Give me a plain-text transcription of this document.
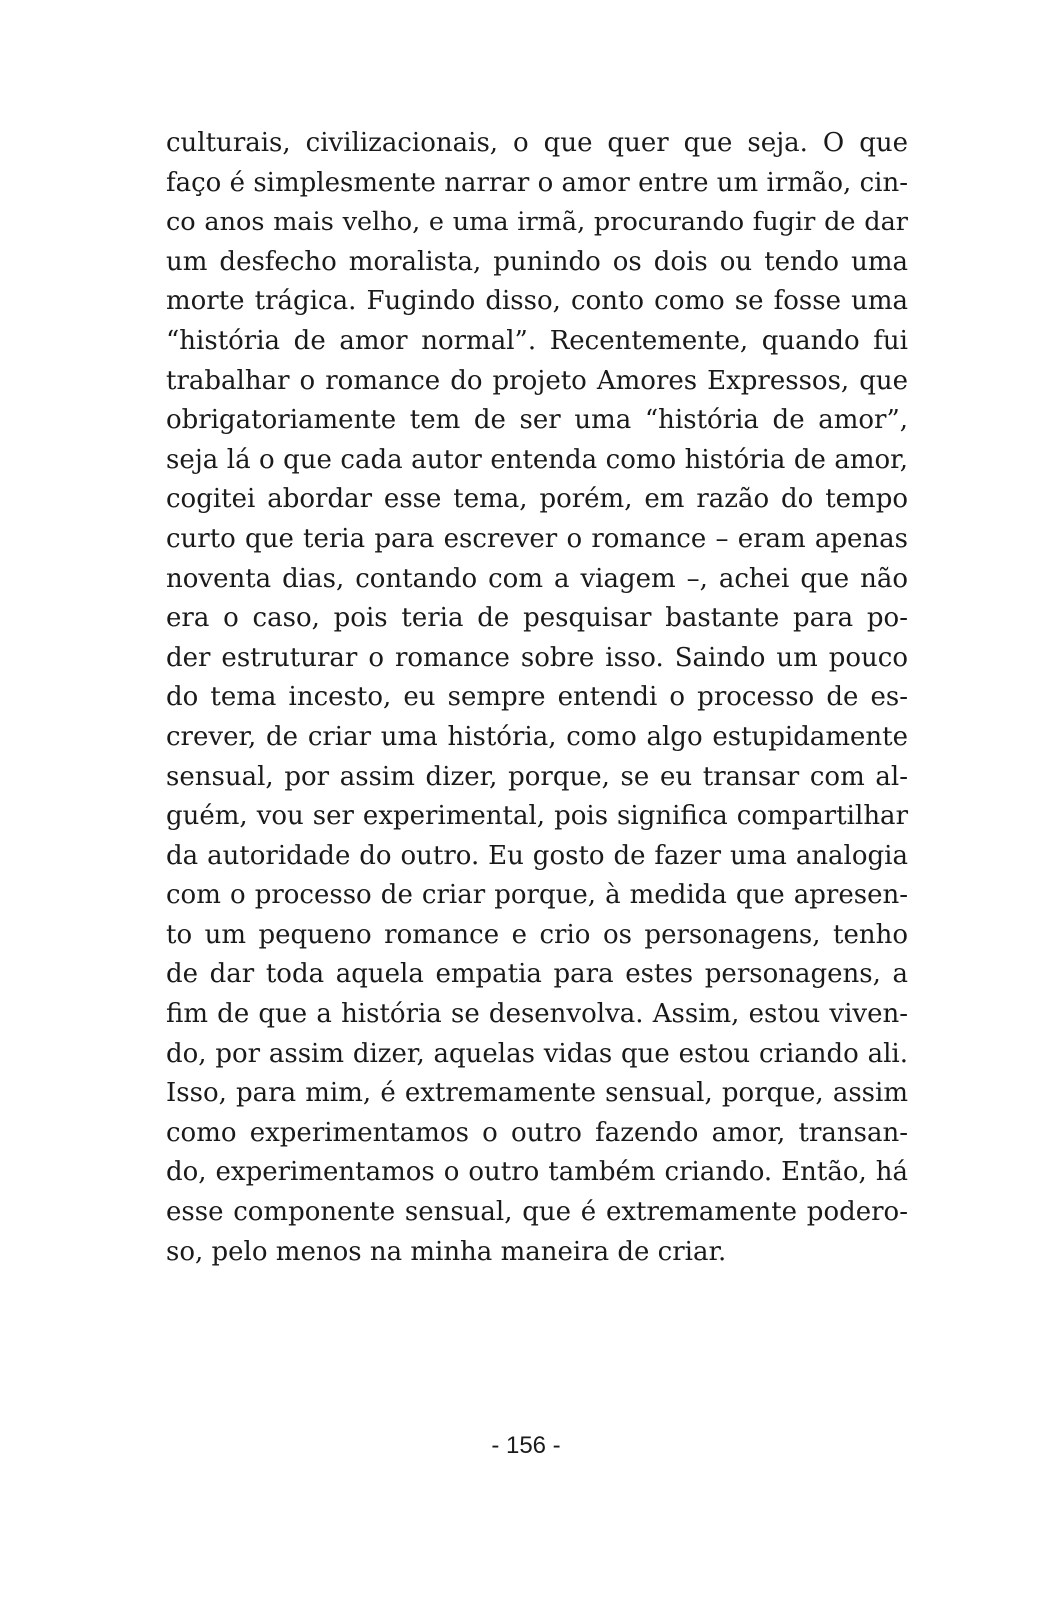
culturais, civilizacionais, o que quer que seja. O que
faço é simplesmente narrar o amor entre um irmão, cin-
co anos mais velho, e uma irmã, procurando fugir de dar
um desfecho moralista, punindo os dois ou tendo uma
morte trágica. Fugindo disso, conto como se fosse uma
“história de amor normal”. Recentemente, quando fui
trabalhar o romance do projeto Amores Expressos, que
obrigatoriamente tem de ser uma “história de amor”,
seja lá o que cada autor entenda como história de amor,
cogitei abordar esse tema, porém, em razão do tempo
curto que teria para escrever o romance – eram apenas
noventa dias, contando com a viagem –, achei que não
era o caso, pois teria de pesquisar bastante para po-
der estruturar o romance sobre isso. Saindo um pouco
do tema incesto, eu sempre entendi o processo de es-
crever, de criar uma história, como algo estupidamente
sensual, por assim dizer, porque, se eu transar com al-
guém, vou ser experimental, pois significa compartilhar
da autoridade do outro. Eu gosto de fazer uma analogia
com o processo de criar porque, à medida que apresen-
to um pequeno romance e crio os personagens, tenho
de dar toda aquela empatia para estes personagens, a
fim de que a história se desenvolva. Assim, estou viven-
do, por assim dizer, aquelas vidas que estou criando ali.
Isso, para mim, é extremamente sensual, porque, assim
como experimentamos o outro fazendo amor, transan-
do, experimentamos o outro também criando. Então, há
esse componente sensual, que é extremamente podero-
so, pelo menos na minha maneira de criar.
- 156 -
